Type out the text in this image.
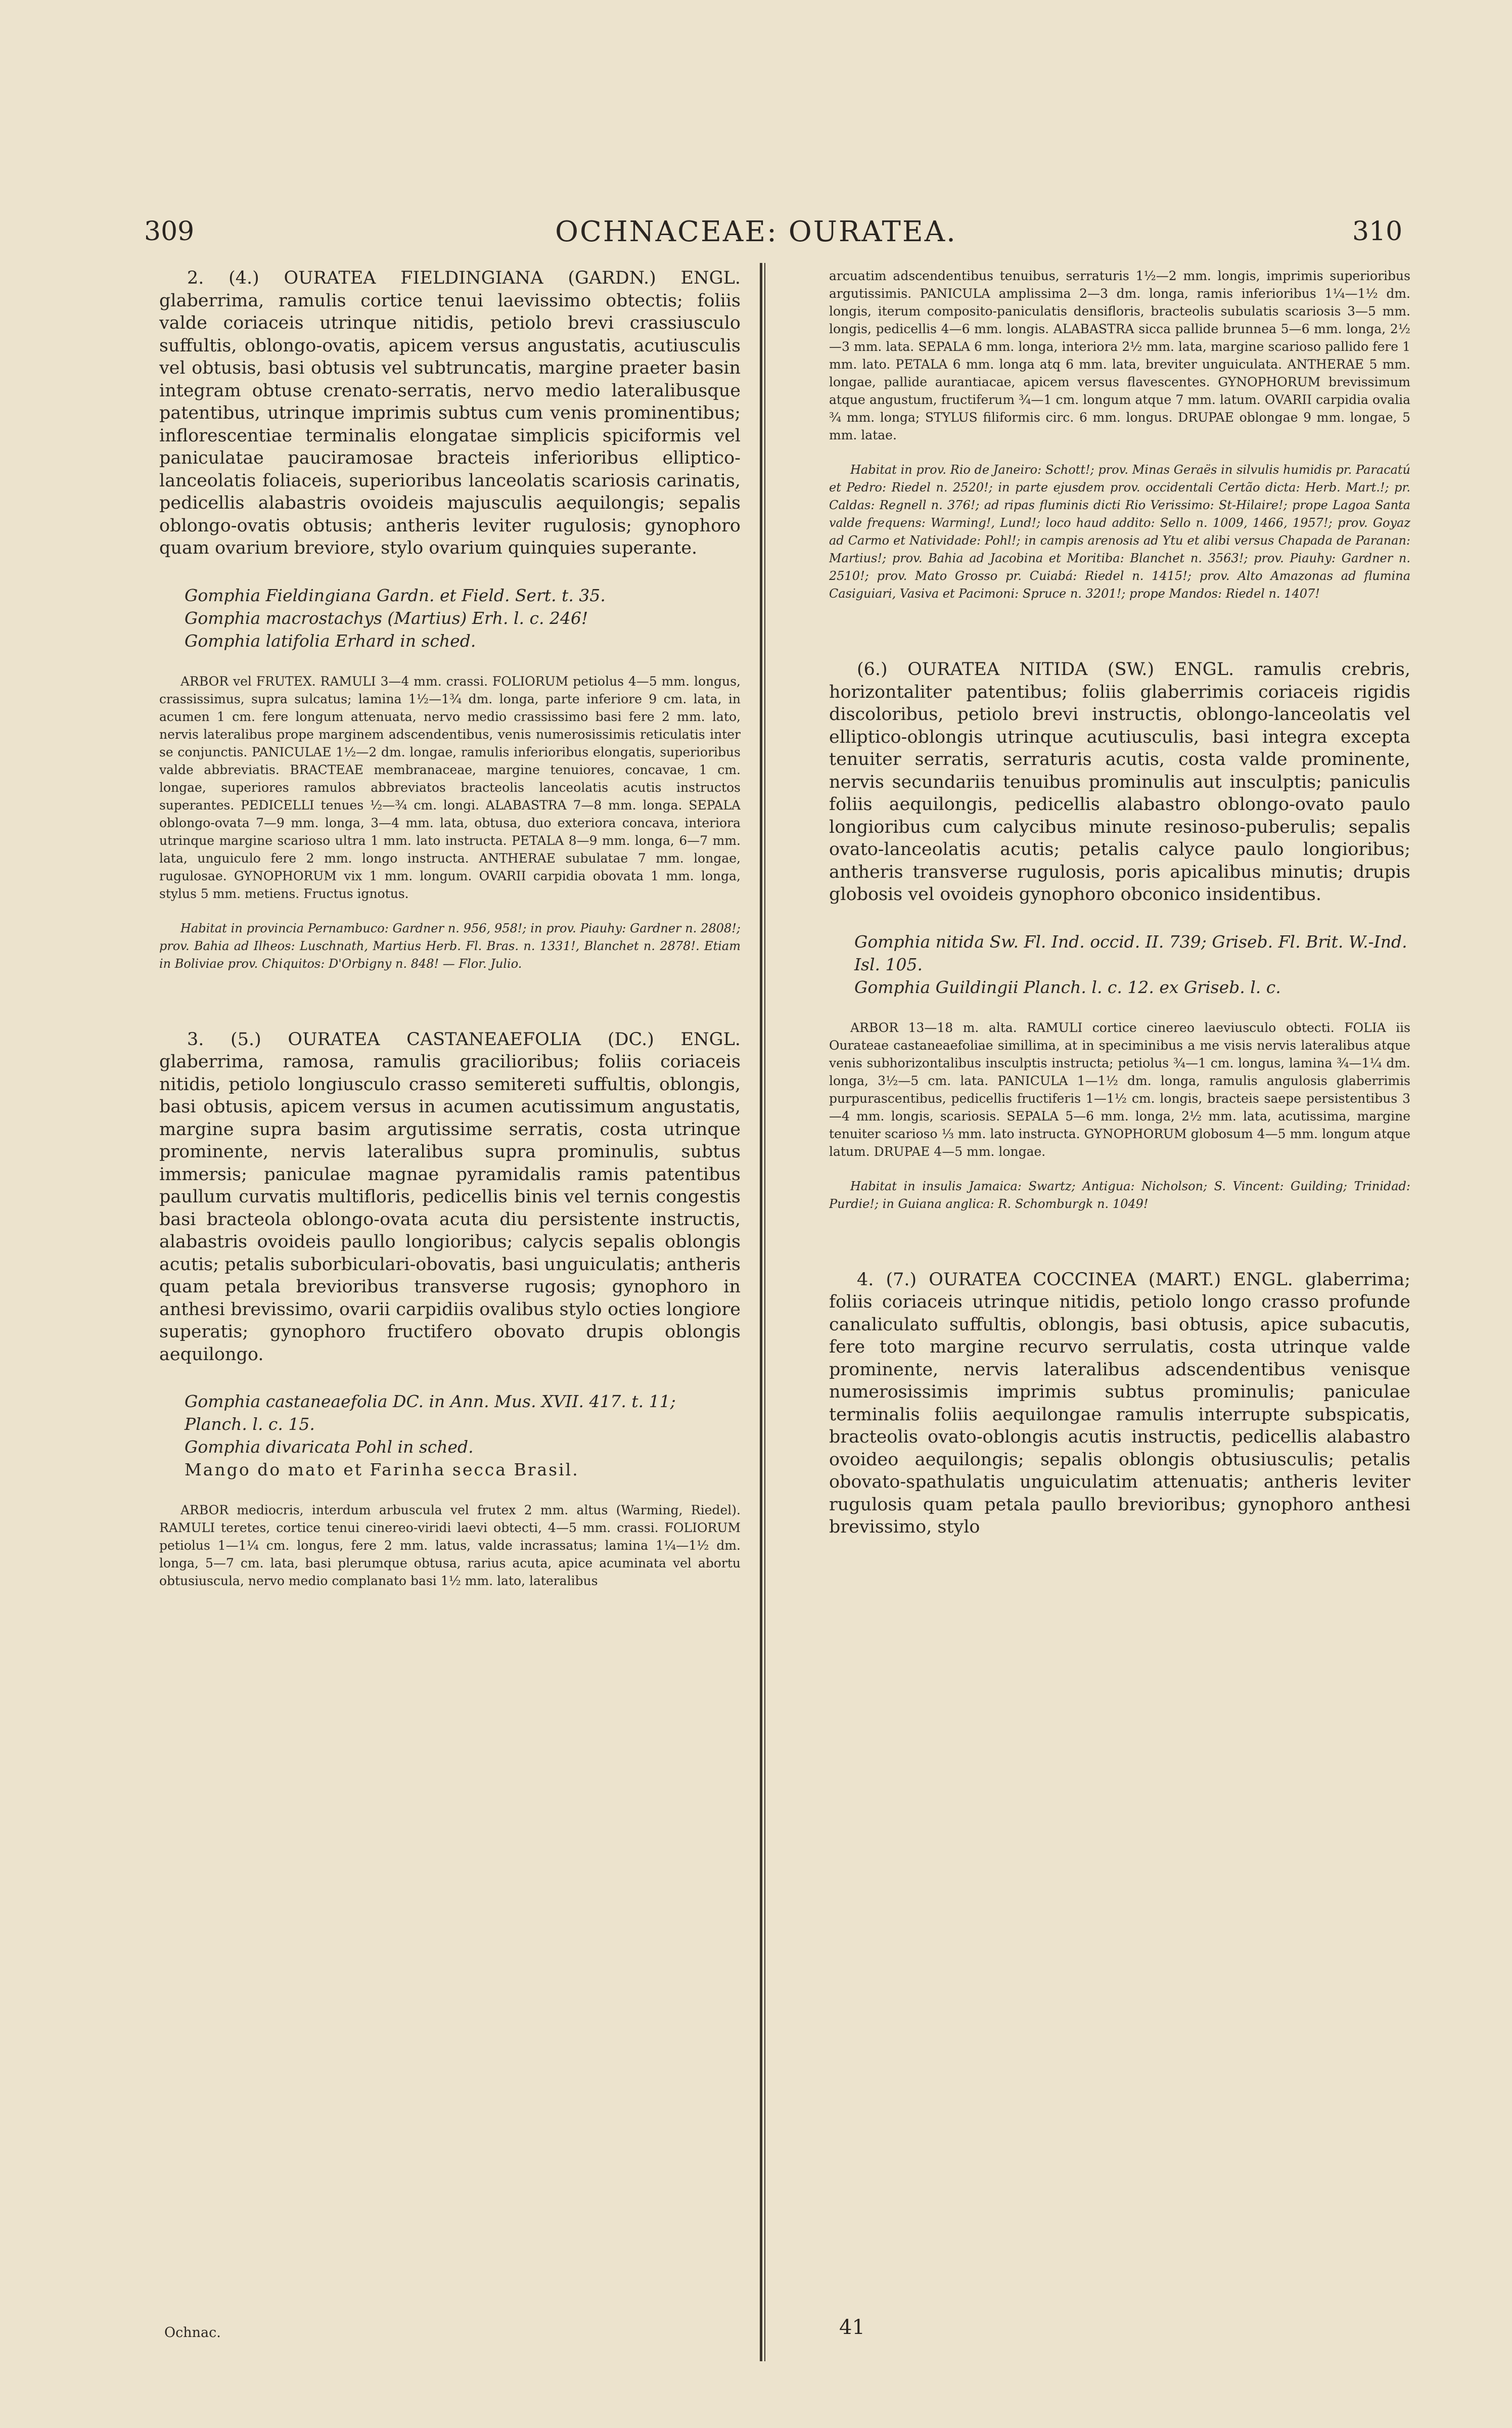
309	OCHNACEAE: OURATEA.	310

2. (4.) OURATEA FIELDINGIANA (GARDN.) ENGL. glaberrima, ramulis cortice tenui laevissimo obtectis; foliis valde coriaceis utrinque nitidis, petiolo brevi crassiusculo suffultis, oblongo-ovatis, apicem versus angustatis, acutiusculis vel obtusis, basi obtusis vel subtruncatis, margine praeter basin integram obtuse crenato-serratis, nervo medio lateralibusque patentibus, utrinque imprimis subtus cum venis prominentibus; inflorescentiae terminalis elongatae simplicis spiciformis vel paniculatae pauciramosae bracteis inferioribus elliptico-lanceolatis foliaceis, superioribus lanceolatis scariosis carinatis, pedicellis alabastris ovoideis majusculis aequilongis; sepalis oblongo-ovatis obtusis; antheris leviter rugulosis; gynophoro quam ovarium breviore, stylo ovarium quinquies superante.

Gomphia Fieldingiana Gardn. et Field. Sert. t. 35.
Gomphia macrostachys (Martius) Erh. l. c. 246!
Gomphia latifolia Erhard in sched.

ARBOR vel FRUTEX. RAMULI 3—4 mm. crassi. FOLIORUM petiolus 4—5 mm. longus, crassissimus, supra sulcatus; lamina 1½—1¾ dm. longa, parte inferiore 9 cm. lata, in acumen 1 cm. fere longum attenuata, nervo medio crassissimo basi fere 2 mm. lato, nervis lateralibus prope marginem adscendentibus, venis numerosissimis reticulatis inter se conjunctis. PANICULAE 1½—2 dm. longae, ramulis inferioribus elongatis, superioribus valde abbreviatis. BRACTEAE membranaceae, margine tenuiores, concavae, 1 cm. longae, superiores ramulos abbreviatos bracteolis lanceolatis acutis instructos superantes. PEDICELLI tenues ½—¾ cm. longi. ALABASTRA 7—8 mm. longa. SEPALA oblongo-ovata 7—9 mm. longa, 3—4 mm. lata, obtusa, duo exteriora concava, interiora utrinque margine scarioso ultra 1 mm. lato instructa. PETALA 8—9 mm. longa, 6—7 mm. lata, unguiculo fere 2 mm. longo instructa. ANTHERAE subulatae 7 mm. longae, rugulosae. GYNOPHORUM vix 1 mm. longum. OVARII carpidia obovata 1 mm. longa, stylus 5 mm. metiens. Fructus ignotus.

Habitat in provincia Pernambuco: Gardner n. 956, 958!; in prov. Piauhy: Gardner n. 2808!; prov. Bahia ad Ilheos: Luschnath, Martius Herb. Fl. Bras. n. 1331!, Blanchet n. 2878!. Etiam in Boliviae prov. Chiquitos: D'Orbigny n. 848! — Flor. Julio.

3. (5.) OURATEA CASTANEAEFOLIA (DC.) ENGL. glaberrima, ramosa, ramulis gracilioribus; foliis coriaceis nitidis, petiolo longiusculo crasso semitereti suffultis, oblongis, basi obtusis, apicem versus in acumen acutissimum angustatis, margine supra basim argutissime serratis, costa utrinque prominente, nervis lateralibus supra prominulis, subtus immersis; paniculae magnae pyramidalis ramis patentibus paullum curvatis multifloris, pedicellis binis vel ternis congestis basi bracteola oblongo-ovata acuta diu persistente instructis, alabastris ovoideis paullo longioribus; calycis sepalis oblongis acutis; petalis suborbiculari-obovatis, basi unguiculatis; antheris quam petala brevioribus transverse rugosis; gynophoro in anthesi brevissimo, ovarii carpidiis ovalibus stylo octies longiore superatis; gynophoro fructifero obovato drupis oblongis aequilongo.

Gomphia castaneaefolia DC. in Ann. Mus. XVII. 417. t. 11; Planch. l. c. 15.
Gomphia divaricata Pohl in sched.
Mango do mato et Farinha secca Brasil.

ARBOR mediocris, interdum arbuscula vel frutex 2 mm. altus (Warming, Riedel). RAMULI teretes, cortice tenui cinereo-viridi laevi obtecti, 4—5 mm. crassi. FOLIORUM petiolus 1—1¼ cm. longus, fere 2 mm. latus, valde incrassatus; lamina 1¼—1½ dm. longa, 5—7 cm. lata, basi plerumque obtusa, rarius acuta, apice acuminata vel abortu obtusiuscula, nervo medio complanato basi 1½ mm. lato, lateralibus

Ochnac.

arcuatim adscendentibus tenuibus, serraturis 1½—2 mm. longis, imprimis superioribus argutissimis. PANICULA amplissima 2—3 dm. longa, ramis inferioribus 1¼—1½ dm. longis, iterum composito-paniculatis densifloris, bracteolis subulatis scariosis 3—5 mm. longis, pedicellis 4—6 mm. longis. ALABASTRA sicca pallide brunnea 5—6 mm. longa, 2½—3 mm. lata. SEPALA 6 mm. longa, interiora 2½ mm. lata, margine scarioso pallido fere 1 mm. lato. PETALA 6 mm. longa atq 6 mm. lata, breviter unguiculata. ANTHERAE 5 mm. longae, pallide aurantiacae, apicem versus flavescentes. GYNOPHORUM brevissimum atque angustum, fructiferum ¾—1 cm. longum atque 7 mm. latum. OVARII carpidia ovalia ¾ mm. longa; STYLUS filiformis circ. 6 mm. longus. DRUPAE oblongae 9 mm. longae, 5 mm. latae.

Habitat in prov. Rio de Janeiro: Schott!; prov. Minas Geraës in silvulis humidis pr. Paracatú et Pedro: Riedel n. 2520!; in parte ejusdem prov. occidentali Certão dicta: Herb. Mart.!; pr. Caldas: Regnell n. 376!; ad ripas fluminis dicti Rio Verissimo: St-Hilaire!; prope Lagoa Santa valde frequens: Warming!, Lund!; loco haud addito: Sello n. 1009, 1466, 1957!; prov. Goyaz ad Carmo et Natividade: Pohl!; in campis arenosis ad Ytu et alibi versus Chapada de Paranan: Martius!; prov. Bahia ad Jacobina et Moritiba: Blanchet n. 3563!; prov. Piauhy: Gardner n. 2510!; prov. Mato Grosso pr. Cuiabá: Riedel n. 1415!; prov. Alto Amazonas ad flumina Casiguiari, Vasiva et Pacimoni: Spruce n. 3201!; prope Mandos: Riedel n. 1407!

(6.) OURATEA NITIDA (SW.) ENGL. ramulis crebris, horizontaliter patentibus; foliis glaberrimis coriaceis rigidis discoloribus, petiolo brevi instructis, oblongo-lanceolatis vel elliptico-oblongis utrinque acutiusculis, basi integra excepta tenuiter serratis, serraturis acutis, costa valde prominente, nervis secundariis tenuibus prominulis aut insculptis; paniculis foliis aequilongis, pedicellis alabastro oblongo-ovato paulo longioribus cum calycibus minute resinoso-puberulis; sepalis ovato-lanceolatis acutis; petalis calyce paulo longioribus; antheris transverse rugulosis, poris apicalibus minutis; drupis globosis vel ovoideis gynophoro obconico insidentibus.

Gomphia nitida Sw. Fl. Ind. occid. II. 739; Griseb. Fl. Brit. W.-Ind. Isl. 105.
Gomphia Guildingii Planch. l. c. 12. ex Griseb. l. c.

ARBOR 13—18 m. alta. RAMULI cortice cinereo laeviusculo obtecti. FOLIA iis Ourateae castaneaefoliae simillima, at in speciminibus a me visis nervis lateralibus atque venis subhorizontalibus insculptis instructa; petiolus ¾—1 cm. longus, lamina ¾—1¼ dm. longa, 3½—5 cm. lata. PANICULA 1—1½ dm. longa, ramulis angulosis glaberrimis purpurascentibus, pedicellis fructiferis 1—1½ cm. longis, bracteis saepe persistentibus 3—4 mm. longis, scariosis. SEPALA 5—6 mm. longa, 2½ mm. lata, acutissima, margine tenuiter scarioso ⅓ mm. lato instructa. GYNOPHORUM globosum 4—5 mm. longum atque latum. DRUPAE 4—5 mm. longae.

Habitat in insulis Jamaica: Swartz; Antigua: Nicholson; S. Vincent: Guilding; Trinidad: Purdie!; in Guiana anglica: R. Schomburgk n. 1049!

4. (7.) OURATEA COCCINEA (MART.) ENGL. glaberrima; foliis coriaceis utrinque nitidis, petiolo longo crasso profunde canaliculato suffultis, oblongis, basi obtusis, apice subacutis, fere toto margine recurvo serrulatis, costa utrinque valde prominente, nervis lateralibus adscendentibus venisque numerosissimis imprimis subtus prominulis; paniculae terminalis foliis aequilongae ramulis interrupte subspicatis, bracteolis ovato-oblongis acutis instructis, pedicellis alabastro ovoideo aequilongis; sepalis oblongis obtusiusculis; petalis obovato-spathulatis unguiculatim attenuatis; antheris leviter rugulosis quam petala paullo brevioribus; gynophoro anthesi brevissimo, stylo

41
